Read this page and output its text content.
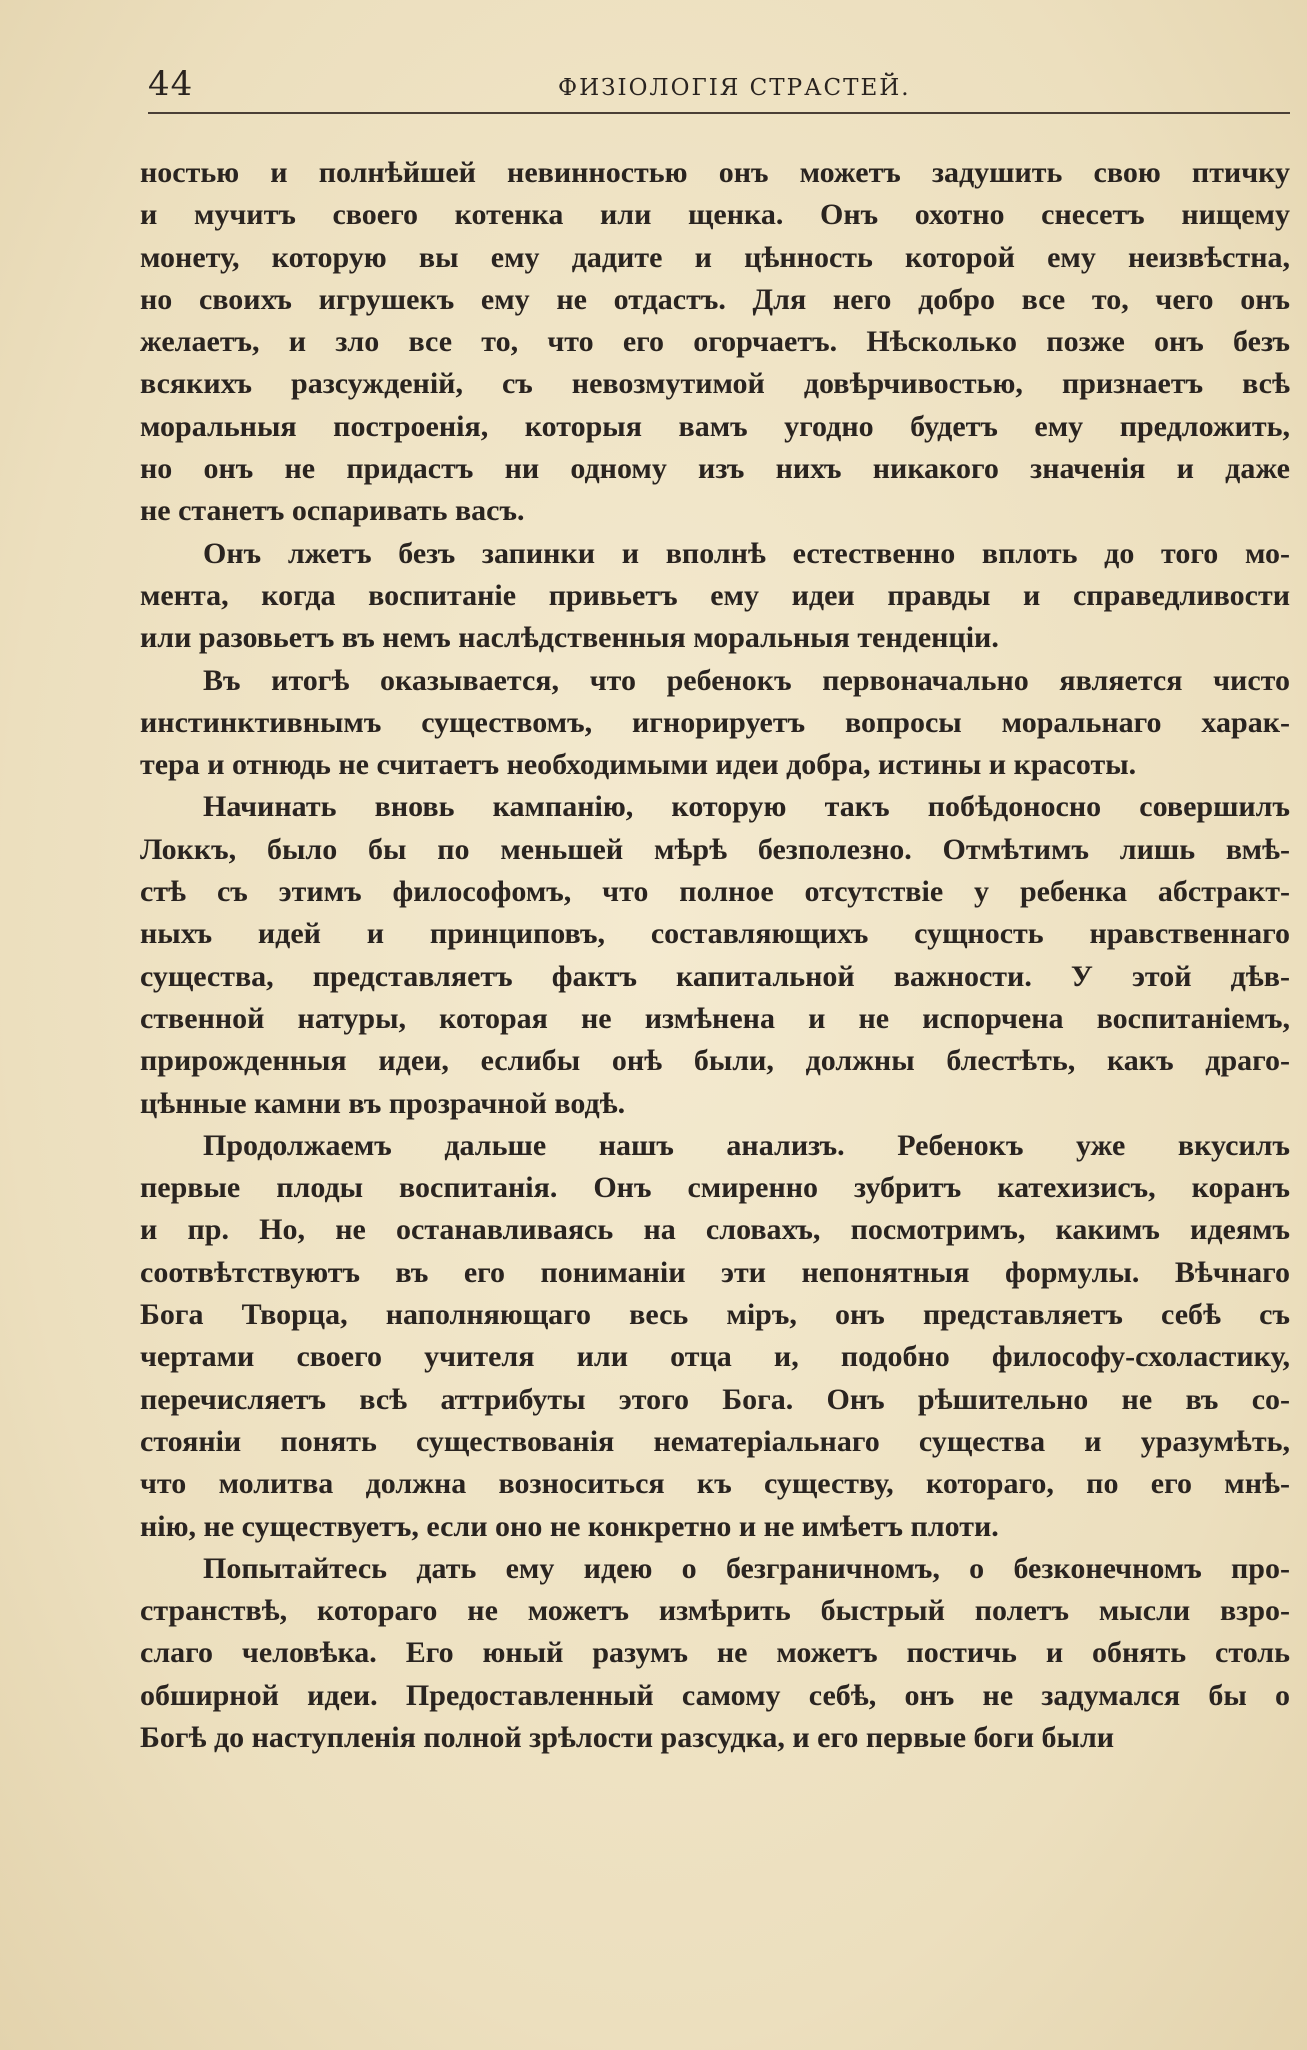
44	ФИЗIОЛОГIЯ СТРАСТЕЙ.
ностью и полнѣйшей невинностью онъ можетъ задушить свою птичку
и мучитъ своего котенка или щенка. Онъ охотно снесетъ нищему
монету, которую вы ему дадите и цѣнность которой ему неизвѣстна,
но своихъ игрушекъ ему не отдастъ. Для него добро все то, чего онъ
желаетъ, и зло все то, что его огорчаетъ. Нѣсколько позже онъ безъ
всякихъ разсужденiй, съ невозмутимой довѣрчивостью, признаетъ всѣ
моральныя построенiя, которыя вамъ угодно будетъ ему предложить,
но онъ не придастъ ни одному изъ нихъ никакого значенiя и даже
не станетъ оспаривать васъ.
Онъ лжетъ безъ запинки и вполнѣ естественно вплоть до того мо-
мента, когда воспитанiе привьетъ ему идеи правды и справедливости
или разовьетъ въ немъ наслѣдственныя моральныя тенденцiи.
Въ итогѣ оказывается, что ребенокъ первоначально является чисто
инстинктивнымъ существомъ, игнорируетъ вопросы моральнаго харак-
тера и отнюдь не считаетъ необходимыми идеи добра, истины и красоты.
Начинать вновь кампанiю, которую такъ побѣдоносно совершилъ
Локкъ, было бы по меньшей мѣрѣ безполезно. Отмѣтимъ лишь вмѣ-
стѣ съ этимъ философомъ, что полное отсутствiе у ребенка абстракт-
ныхъ идей и принциповъ, составляющихъ сущность нравственнаго
существа, представляетъ фактъ капитальной важности. У этой дѣв-
ственной натуры, которая не измѣнена и не испорчена воспитанiемъ,
прирожденныя идеи, еслибы онѣ были, должны блестѣть, какъ драго-
цѣнные камни въ прозрачной водѣ.
Продолжаемъ дальше нашъ анализъ. Ребенокъ уже вкусилъ
первые плоды воспитанiя. Онъ смиренно зубритъ катехизисъ, коранъ
и пр. Но, не останавливаясь на словахъ, посмотримъ, какимъ идеямъ
соотвѣтствуютъ въ его пониманiи эти непонятныя формулы. Вѣчнаго
Бога Творца, наполняющаго весь мiръ, онъ представляетъ себѣ съ
чертами своего учителя или отца и, подобно философу-схоластику,
перечисляетъ всѣ аттрибуты этого Бога. Онъ рѣшительно не въ со-
стоянiи понять существованiя нематерiальнаго существа и уразумѣть,
что молитва должна возноситься къ существу, котораго, по его мнѣ-
нiю, не существуетъ, если оно не конкретно и не имѣетъ плоти.
Попытайтесь дать ему идею о безграничномъ, о безконечномъ про-
странствѣ, котораго не можетъ измѣрить быстрый полетъ мысли взро-
слаго человѣка. Его юный разумъ не можетъ постичь и обнять столь
обширной идеи. Предоставленный самому себѣ, онъ не задумался бы о
Богѣ до наступленiя полной зрѣлости разсудка, и его первые боги были
